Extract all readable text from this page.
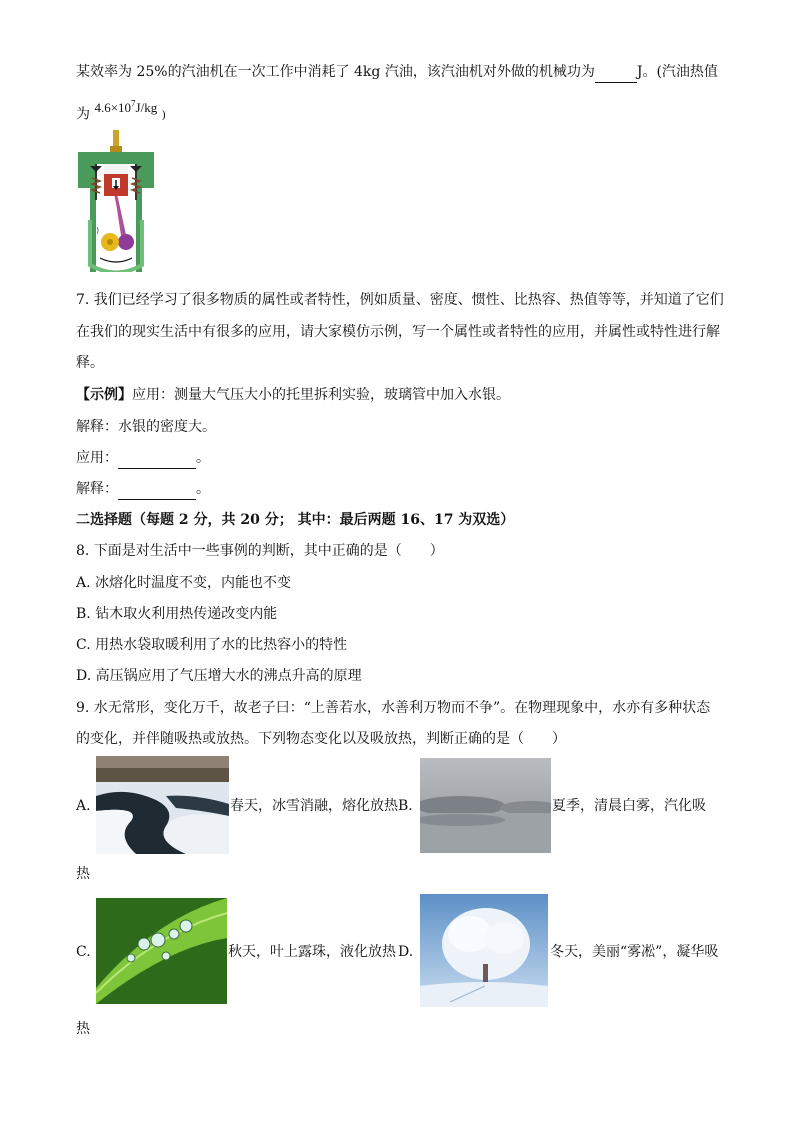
某效率为 25%的汽油机在一次工作中消耗了 4kg 汽油，该汽油机对外做的机械功为	J。(汽油热值
为 $4.6\times 10^7J/kg$ )
)
7. 我们已经学习了很多物质的属性或者特性，例如质量、密度、惯性、比热容、热值等等，并知道了它们
在我们的现实生活中有很多的应用，请大家模仿示例，写一个属性或者特性的应用，并属性或特性进行解
释。
【示例】应用：测量大气压大小的托里拆利实验，玻璃管中加入水银。
解释：水银的密度大。
应用：	。
解释：	。
二选择题（每题 2 分，共 20 分； 其中：最后两题 16、17 为双选）
8. 下面是对生活中一些事例的判断，其中正确的是（　　）
A. 冰熔化时温度不变，内能也不变
B. 钻木取火利用热传递改变内能
C. 用热水袋取暖利用了水的比热容小的特性
D. 高压锅应用了气压增大水的沸点升高的原理
9. 水无常形，变化万千，故老子曰：“上善若水，水善利万物而不争”。在物理现象中，水亦有多种状态
的变化，并伴随吸热或放热。下列物态变化以及吸放热，判断正确的是（　　）
A.	春天，冰雪消融，熔化放热 B.	夏季，清晨白雾，汽化吸
热
C.	秋天，叶上露珠，液化放热 D.	冬天，美丽“雾凇”，凝华吸
热
